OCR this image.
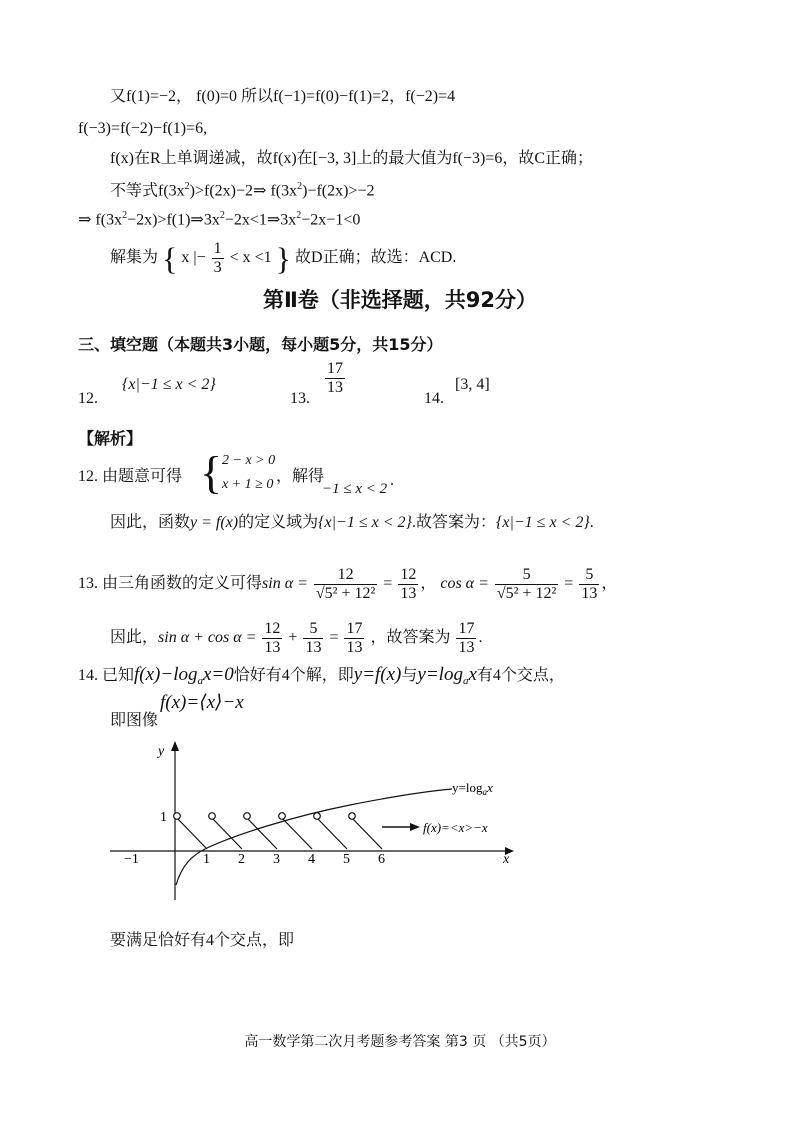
又f(1)=−2， f(0)=0 所以f(−1)=f(0)−f(1)=2，f(−2)=4
f(−3)=f(−2)−f(1)=6,
f(x)在R上单调递减，故f(x)在[−3, 3]上的最大值为f(−3)=6，故C正确；
不等式$f(3x^2)>f(2x)-2\Rightarrow$ $f(3x^2)-f(2x)>-2$
⇒ $f(3x^2-2x)>f(1)\Rightarrow 3x^2-2x<1\Rightarrow 3x^2-2x-1<0$
解集为 { x |− $\frac{1}{3} < x <1$ } 故D正确；故选：ACD.
第Ⅱ卷（非选择题，共92分）
三、填空题（本题共3小题，每小题5分，共15分）
12.
{x|−1 ≤ x < 2}
13.
$\frac{17}{13}$
14.
[3, 4]
【解析】
12. 由题意可得 { 2 − x > 0
x + 1 ≥ 0 ，解得
−1 ≤ x < 2 .
因此，函数y = f(x)的定义域为{x|−1 ≤ x < 2}.故答案为：{x|−1 ≤ x < 2}.
13. 由三角函数的定义可得$\sin \alpha = \frac{12}{\text{√5² + 12²}} = \frac{12}{13}$ ， $\cos \alpha = \frac{5}{\text{√5² + 12²}} = \frac{5}{13}$ ，
因此，$\sin \alpha + \cos \alpha = \frac{12}{13} + \frac{5}{13} = \frac{17}{13}$ ，故答案为 $\frac{17}{13}$ .
14. 已知$f(x)-\log_ax=0$恰好有4个解，即y=f(x)与$y=\log_ax$有4个交点，
即图像
f(x)=⟨x⟩−x
x
y
1
−1	1 2 3 4 5 6
$y=\log_ax$
f(x)=<x>−x
要满足恰好有4个交点，即
高一数学第二次月考题参考答案 第3 页 （共5页）
